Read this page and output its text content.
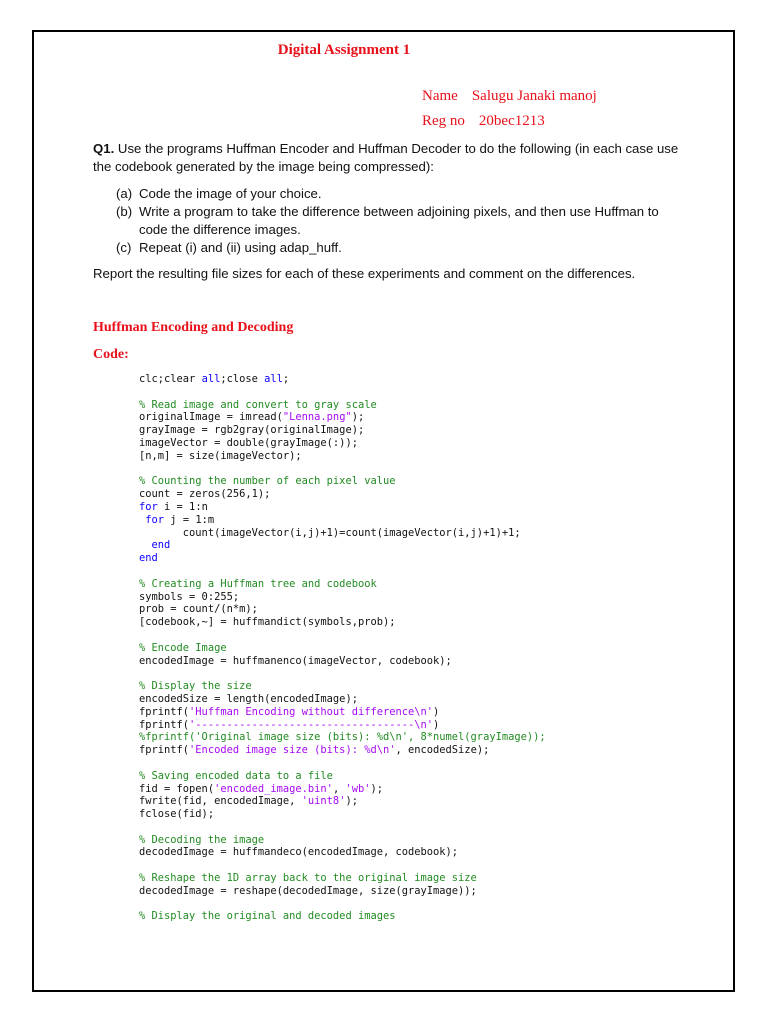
Digital Assignment 1
Name Salugu Janaki manoj
Reg no 20bec1213
Q1. Use the programs Huffman Encoder and Huffman Decoder to do the following (in each case use the codebook generated by the image being compressed):
(a) Code the image of your choice.
(b) Write a program to take the difference between adjoining pixels, and then use Huffman to code the difference images.
(c) Repeat (i) and (ii) using adap_huff.
Report the resulting file sizes for each of these experiments and comment on the differences.
Huffman Encoding and Decoding
Code:
clc;clear all;close all;

% Read image and convert to gray scale
originalImage = imread("Lenna.png");
grayImage = rgb2gray(originalImage);
imageVector = double(grayImage(:));
[n,m] = size(imageVector);

% Counting the number of each pixel value
count = zeros(256,1);
for i = 1:n
for j = 1:m
count(imageVector(i,j)+1)=count(imageVector(i,j)+1)+1;
end
end

% Creating a Huffman tree and codebook
symbols = 0:255;
prob = count/(n*m);
[codebook,~] = huffmandict(symbols,prob);

% Encode Image
encodedImage = huffmanenco(imageVector, codebook);

% Display the size
encodedSize = length(encodedImage);
fprintf('Huffman Encoding without difference\n')
fprintf('-----------------------------------\n')
%fprintf('Original image size (bits): %d\n', 8*numel(grayImage));
fprintf('Encoded image size (bits): %d\n', encodedSize);

% Saving encoded data to a file
fid = fopen('encoded_image.bin', 'wb');
fwrite(fid, encodedImage, 'uint8');
fclose(fid);

% Decoding the image
decodedImage = huffmandeco(encodedImage, codebook);

% Reshape the 1D array back to the original image size
decodedImage = reshape(decodedImage, size(grayImage));

% Display the original and decoded images
